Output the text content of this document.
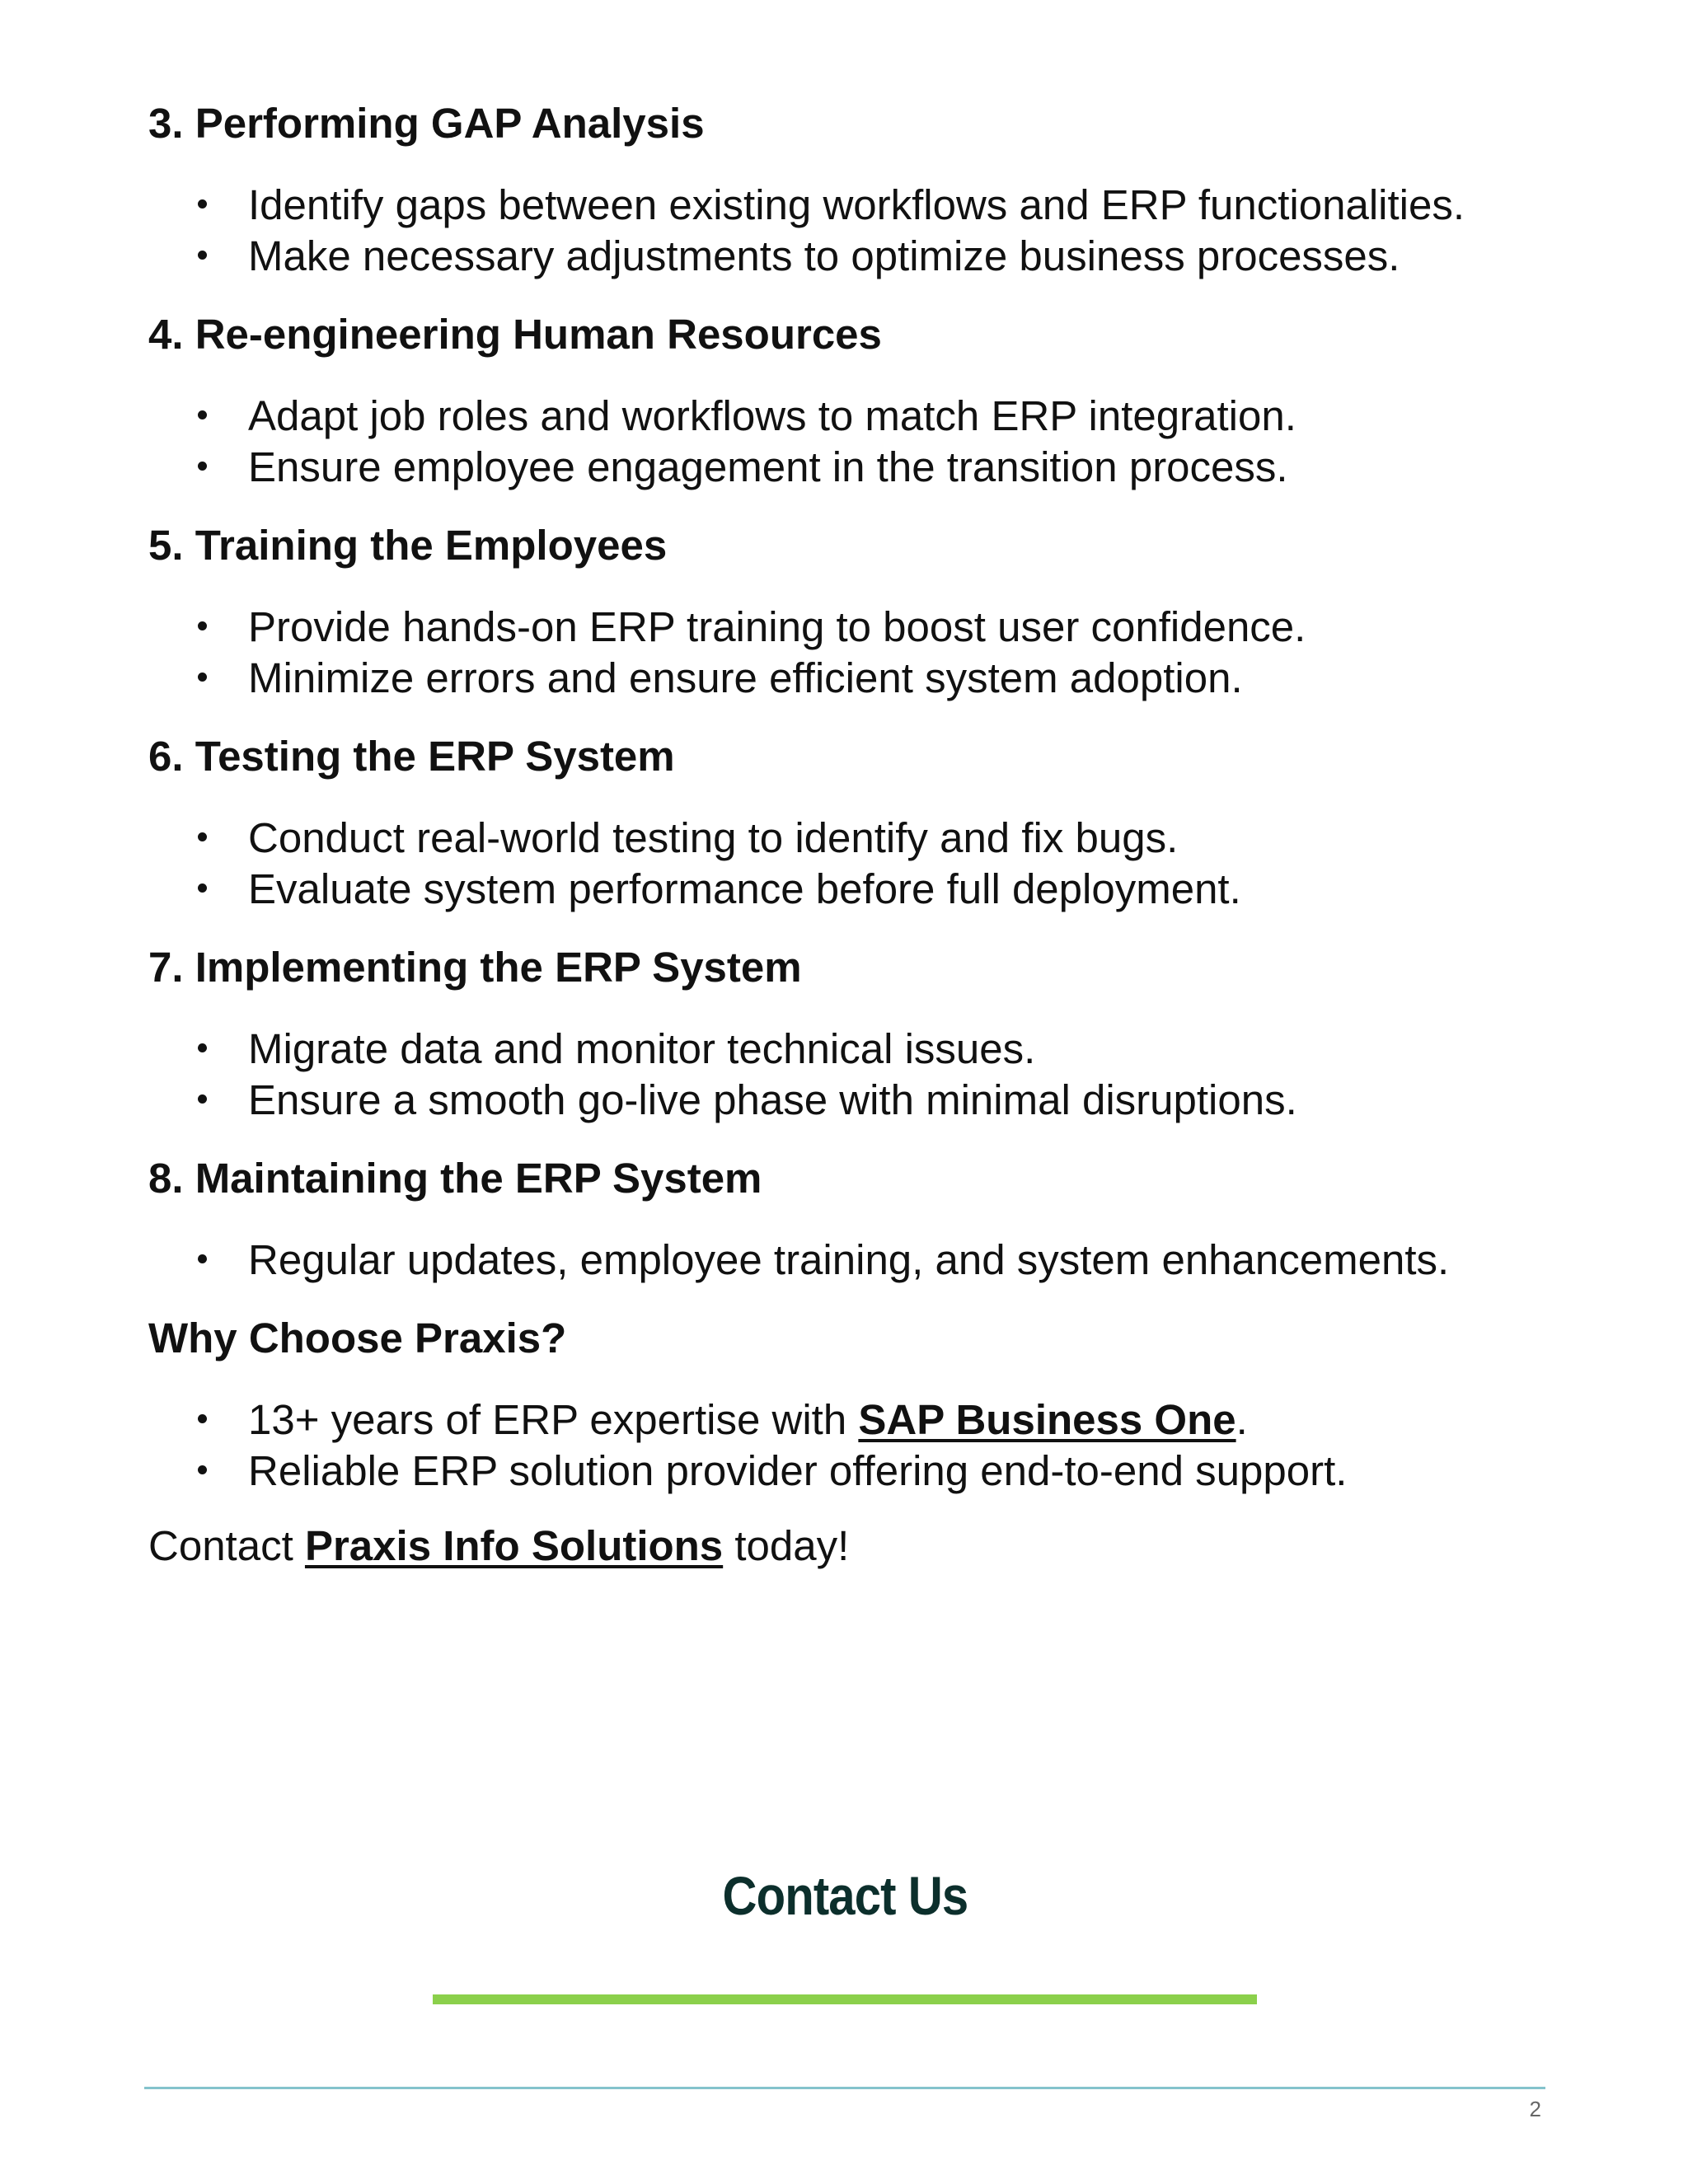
3. Performing GAP Analysis
Identify gaps between existing workflows and ERP functionalities.
Make necessary adjustments to optimize business processes.
4. Re-engineering Human Resources
Adapt job roles and workflows to match ERP integration.
Ensure employee engagement in the transition process.
5. Training the Employees
Provide hands-on ERP training to boost user confidence.
Minimize errors and ensure efficient system adoption.
6. Testing the ERP System
Conduct real-world testing to identify and fix bugs.
Evaluate system performance before full deployment.
7. Implementing the ERP System
Migrate data and monitor technical issues.
Ensure a smooth go-live phase with minimal disruptions.
8. Maintaining the ERP System
Regular updates, employee training, and system enhancements.
Why Choose Praxis?
13+ years of ERP expertise with SAP Business One.
Reliable ERP solution provider offering end-to-end support.
Contact Praxis Info Solutions today!
Contact Us
2
